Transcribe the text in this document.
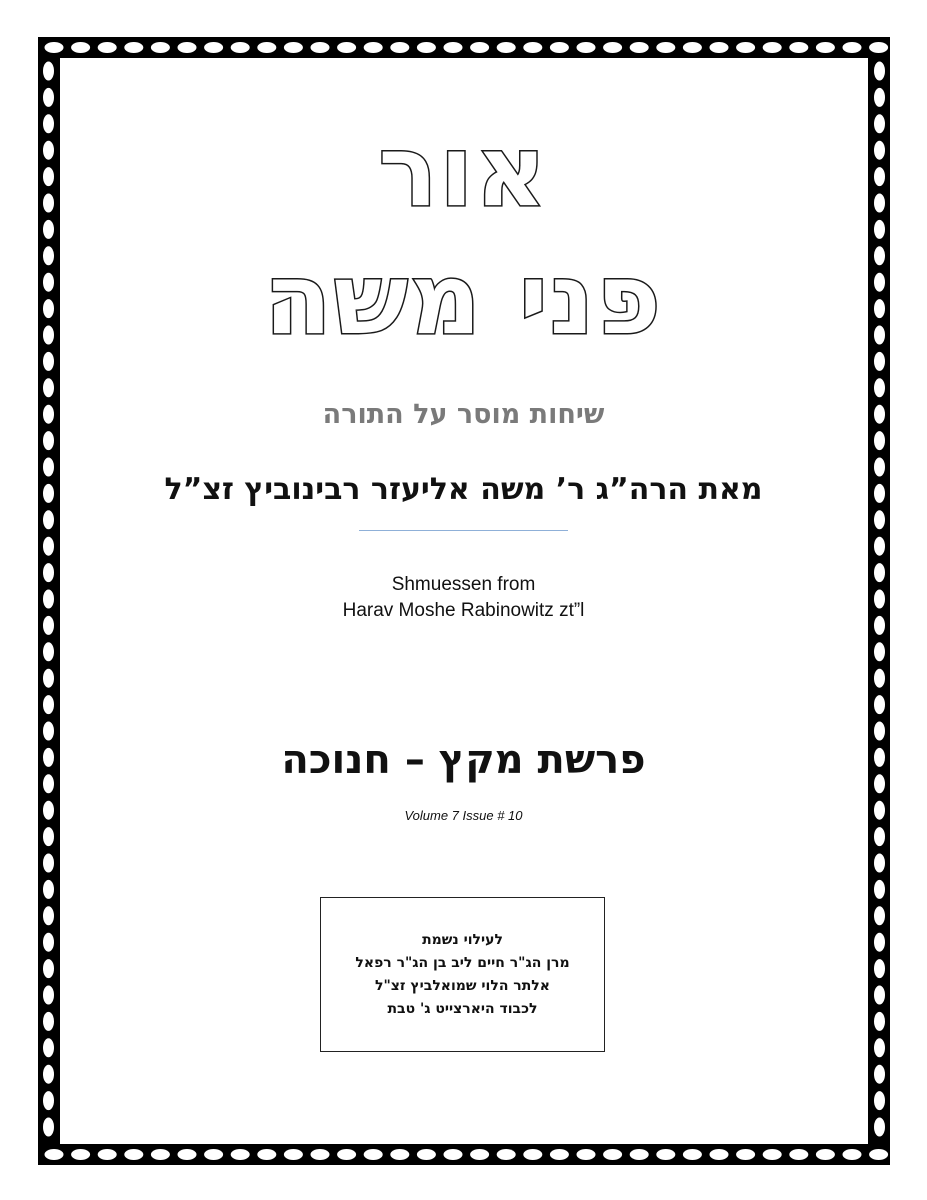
אור
פני משה
שיחות מוסר על התורה
מאת הרה”ג ר’ משה אליעזר רבינוביץ זצ”ל
Shmuessen from
Harav Moshe Rabinowitz zt”l
פרשת מקץ – חנוכה
Volume 7 Issue # 10
לעילוי נשמת
מרן הג"ר חיים ליב בן הג"ר רפאל
אלתר הלוי שמואלביץ זצ"ל
לכבוד היארצייט ג' טבת
